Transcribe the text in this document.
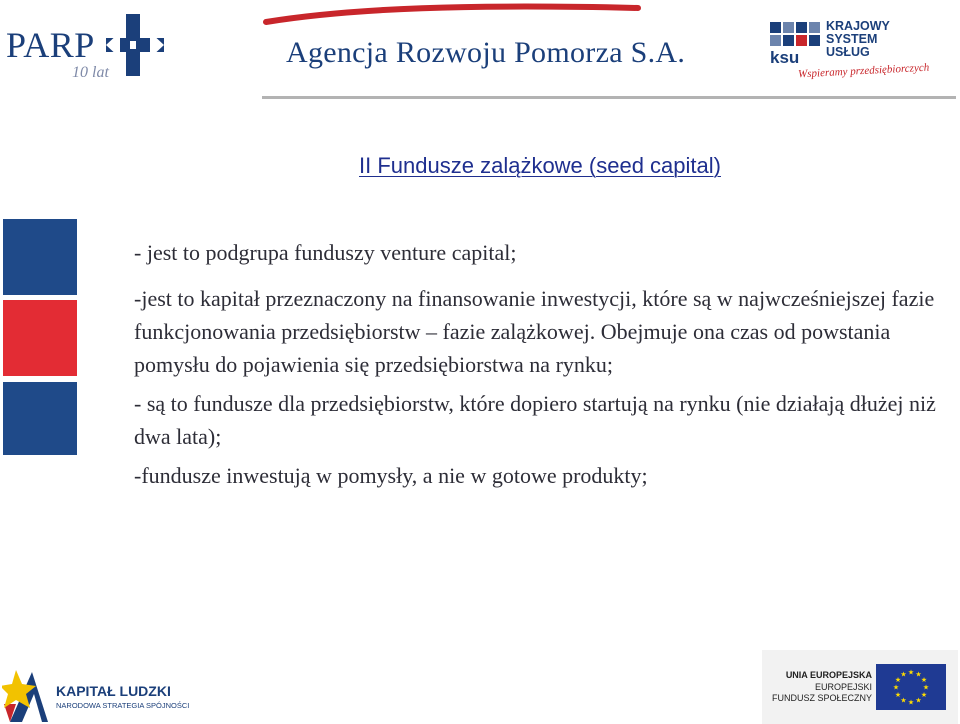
PARP
10 lat
Agencja Rozwoju Pomorza S.A.
KRAJOWY
SYSTEM
USŁUG
ksu
Wspieramy przedsiębiorczych
II Fundusze zalążkowe (seed capital)

- jest to podgrupa funduszy venture capital;

-jest to kapitał przeznaczony na finansowanie inwestycji, które są w najwcześniejszej fazie funkcjonowania przedsiębiorstw – fazie zalążkowej. Obejmuje ona czas od powstania pomysłu do pojawienia się przedsiębiorstwa na rynku;

- są to fundusze dla przedsiębiorstw, które dopiero startują na rynku (nie działają dłużej niż dwa lata);

-fundusze inwestują w pomysły, a nie w gotowe produkty;

KAPITAŁ LUDZKI
NARODOWA STRATEGIA SPÓJNOŚCI
UNIA EUROPEJSKA
EUROPEJSKI
FUNDUSZ SPOŁECZNY
★ ★
★
★
★
★
★
★
★
★
★
★
